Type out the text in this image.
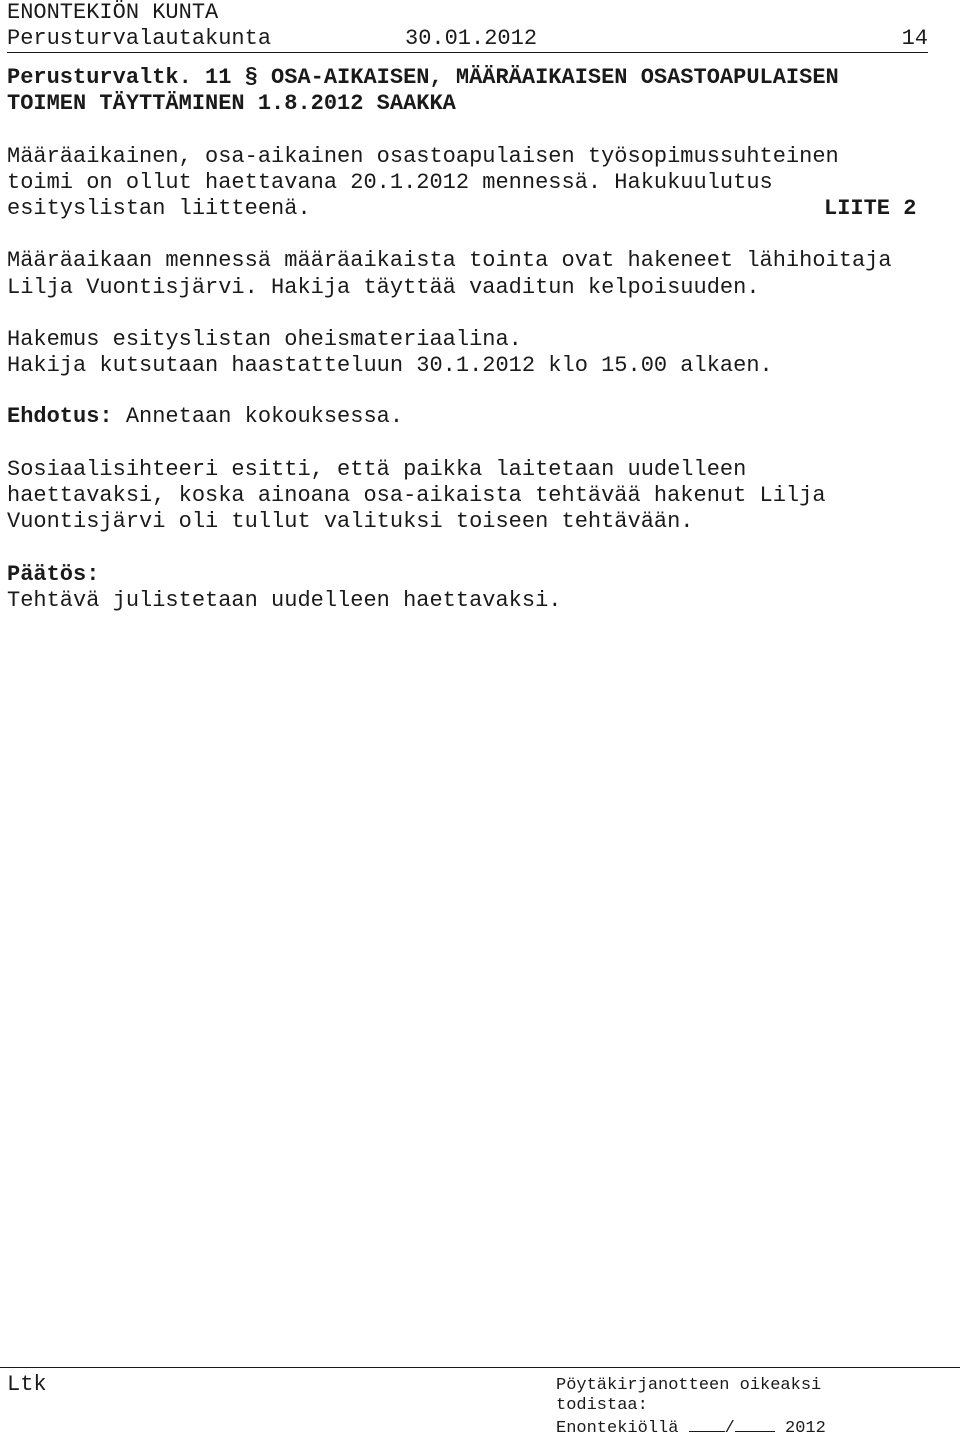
ENONTEKIÖN KUNTA
Perusturvalautakunta	30.01.2012	14
Perusturvaltk. 11 § OSA-AIKAISEN, MÄÄRÄAIKAISEN OSASTOAPULAISEN
TOIMEN TÄYTTÄMINEN 1.8.2012 SAAKKA
Määräaikainen, osa-aikainen osastoapulaisen työsopimussuhteinen
toimi on ollut haettavana 20.1.2012 mennessä. Hakukuulutus
esityslistan liitteenä.	LIITE 2
Määräaikaan mennessä määräaikaista tointa ovat hakeneet lähihoitaja
Lilja Vuontisjärvi. Hakija täyttää vaaditun kelpoisuuden.
Hakemus esityslistan oheismateriaalina.
Hakija kutsutaan haastatteluun 30.1.2012 klo 15.00 alkaen.
Ehdotus: Annetaan kokouksessa.
Sosiaalisihteeri esitti, että paikka laitetaan uudelleen
haettavaksi, koska ainoana osa-aikaista tehtävää hakenut Lilja
Vuontisjärvi oli tullut valituksi toiseen tehtävään.
Päätös:
Tehtävä julistetaan uudelleen haettavaksi.
Ltk	Pöytäkirjanotteen oikeaksi
todistaa:
Enontekiöllä / 2012
